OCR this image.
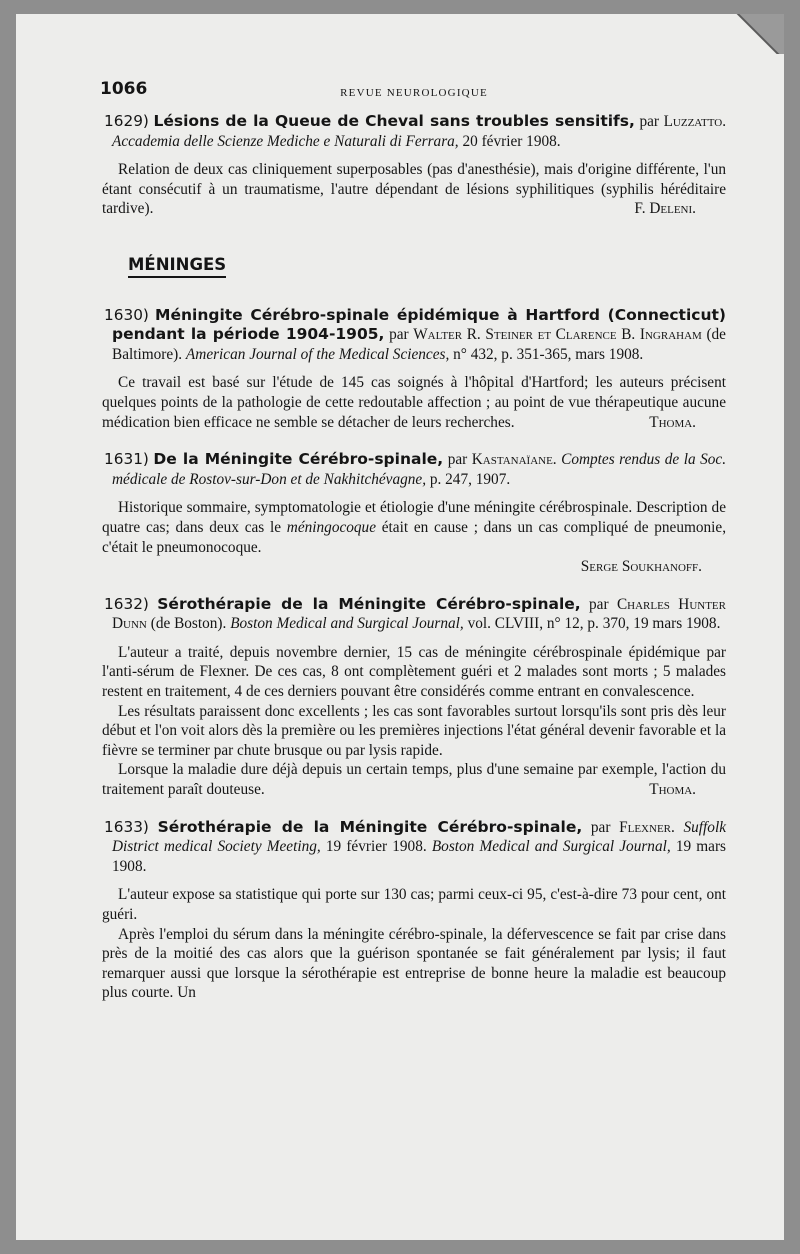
1066	REVUE NEUROLOGIQUE

1629) Lésions de la Queue de Cheval sans troubles sensitifs, par Luzzatto. Accademia delle Scienze Mediche e Naturali di Ferrara, 20 février 1908.

Relation de deux cas cliniquement superposables (pas d'anesthésie), mais d'origine différente, l'un étant consécutif à un traumatisme, l'autre dépendant de lésions syphilitiques (syphilis héréditaire tardive).	F. Deleni.
MÉNINGES

1630) Méningite Cérébro-spinale épidémique à Hartford (Connecticut) pendant la période 1904-1905, par Walter R. Steiner et Clarence B. Ingraham (de Baltimore). American Journal of the Medical Sciences, n° 432, p. 351-365, mars 1908.

Ce travail est basé sur l'étude de 145 cas soignés à l'hôpital d'Hartford; les auteurs précisent quelques points de la pathologie de cette redoutable affection ; au point de vue thérapeutique aucune médication bien efficace ne semble se détacher de leurs recherches.	Thoma.

1631) De la Méningite Cérébro-spinale, par Kastanaïane. Comptes rendus de la Soc. médicale de Rostov-sur-Don et de Nakhitchévagne, p. 247, 1907.

Historique sommaire, symptomatologie et étiologie d'une méningite cérébrospinale. Description de quatre cas; dans deux cas le méningocoque était en cause ; dans un cas compliqué de pneumonie, c'était le pneumonocoque.

Serge Soukhanoff.

1632) Sérothérapie de la Méningite Cérébro-spinale, par Charles Hunter Dunn (de Boston). Boston Medical and Surgical Journal, vol. CLVIII, n° 12, p. 370, 19 mars 1908.

L'auteur a traité, depuis novembre dernier, 15 cas de méningite cérébrospinale épidémique par l'anti-sérum de Flexner. De ces cas, 8 ont complètement guéri et 2 malades sont morts ; 5 malades restent en traitement, 4 de ces derniers pouvant être considérés comme entrant en convalescence.

Les résultats paraissent donc excellents ; les cas sont favorables surtout lorsqu'ils sont pris dès leur début et l'on voit alors dès la première ou les premières injections l'état général devenir favorable et la fièvre se terminer par chute brusque ou par lysis rapide.

Lorsque la maladie dure déjà depuis un certain temps, plus d'une semaine par exemple, l'action du traitement paraît douteuse.	Thoma.

1633) Sérothérapie de la Méningite Cérébro-spinale, par Flexner. Suffolk District medical Society Meeting, 19 février 1908. Boston Medical and Surgical Journal, 19 mars 1908.

L'auteur expose sa statistique qui porte sur 130 cas; parmi ceux-ci 95, c'est-à-dire 73 pour cent, ont guéri.

Après l'emploi du sérum dans la méningite cérébro-spinale, la défervescence se fait par crise dans près de la moitié des cas alors que la guérison spontanée se fait généralement par lysis; il faut remarquer aussi que lorsque la sérothérapie est entreprise de bonne heure la maladie est beaucoup plus courte. Un
